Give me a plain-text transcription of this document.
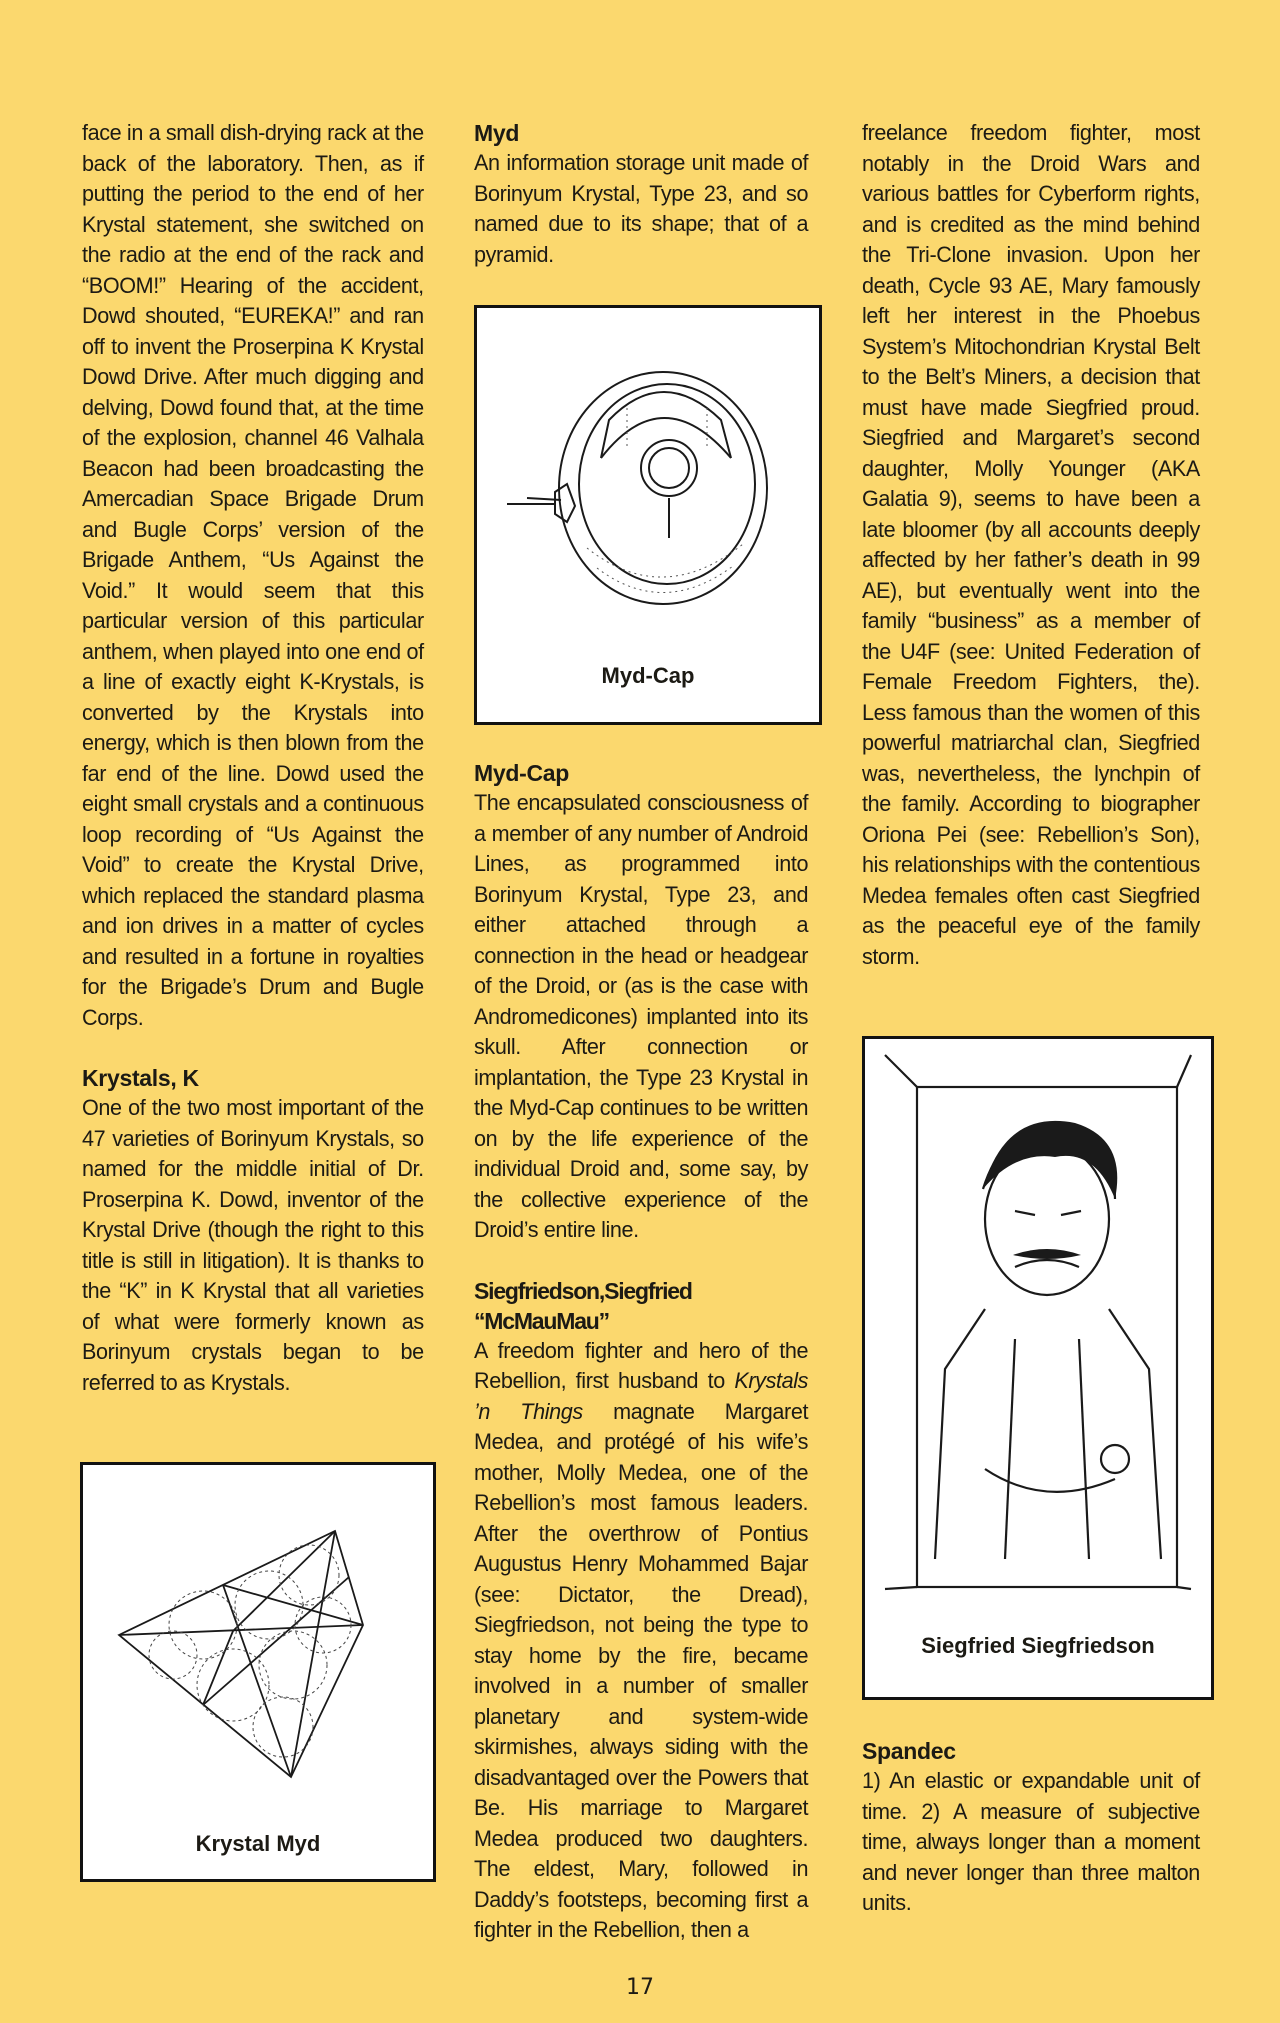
face in a small dish-drying rack at the back of the laboratory. Then, as if putting the period to the end of her Krystal statement, she switched on the radio at the end of the rack and “BOOM!” Hearing of the accident, Dowd shouted, “EUREKA!” and ran off to invent the Proserpina K Krystal Dowd Drive. After much digging and delving, Dowd found that, at the time of the explosion, channel 46 Valhala Beacon had been broadcasting the Amercadian Space Brigade Drum and Bugle Corps’ version of the Brigade Anthem, “Us Against the Void.” It would seem that this particular version of this particular anthem, when played into one end of a line of exactly eight K-Krystals, is converted by the Krystals into energy, which is then blown from the far end of the line. Dowd used the eight small crystals and a continuous loop recording of “Us Against the Void” to create the Krystal Drive, which replaced the standard plasma and ion drives in a matter of cycles and resulted in a fortune in royalties for the Brigade’s Drum and Bugle Corps.

Krystals, K

One of the two most important of the 47 varieties of Borinyum Krystals, so named for the middle initial of Dr. Proserpina K. Dowd, inventor of the Krystal Drive (though the right to this title is still in litigation). It is thanks to the “K” in K Krystal that all varieties of what were formerly known as Borinyum crystals began to be referred to as Krystals.

Krystal Myd

Myd

An information storage unit made of Borinyum Krystal, Type 23, and so named due to its shape; that of a pyramid.

Myd-Cap

Myd-Cap

The encapsulated consciousness of a member of any number of Android Lines, as programmed into Borinyum Krystal, Type 23, and either attached through a connection in the head or headgear of the Droid, or (as is the case with Andromedicones) implanted into its skull. After connection or implantation, the Type 23 Krystal in the Myd-Cap continues to be written on by the life experience of the individual Droid and, some say, by the collective experience of the Droid’s entire line.

Siegfriedson,Siegfried “McMauMau”

A freedom fighter and hero of the Rebellion, first husband to Krystals ’n Things magnate Margaret Medea, and protégé of his wife’s mother, Molly Medea, one of the Rebellion’s most famous leaders. After the overthrow of Pontius Augustus Henry Mohammed Bajar (see: Dictator, the Dread), Siegfriedson, not being the type to stay home by the fire, became involved in a number of smaller planetary and system-wide skirmishes, always siding with the disadvantaged over the Powers that Be. His marriage to Margaret Medea produced two daughters. The eldest, Mary, followed in Daddy’s footsteps, becoming first a fighter in the Rebellion, then a

freelance freedom fighter, most notably in the Droid Wars and various battles for Cyberform rights, and is credited as the mind behind the Tri-Clone invasion. Upon her death, Cycle 93 AE, Mary famously left her interest in the Phoebus System’s Mitochondrian Krystal Belt to the Belt’s Miners, a decision that must have made Siegfried proud. Siegfried and Margaret’s second daughter, Molly Younger (AKA Galatia 9), seems to have been a late bloomer (by all accounts deeply affected by her father’s death in 99 AE), but eventually went into the family “business” as a member of the U4F (see: United Federation of Female Freedom Fighters, the). Less famous than the women of this powerful matriarchal clan, Siegfried was, nevertheless, the lynchpin of the family. According to biographer Oriona Pei (see: Rebellion’s Son), his relationships with the contentious Medea females often cast Siegfried as the peaceful eye of the family storm.

Siegfried Siegfriedson

Spandec

1) An elastic or expandable unit of time. 2) A measure of subjective time, always longer than a moment and never longer than three malton units.

17
